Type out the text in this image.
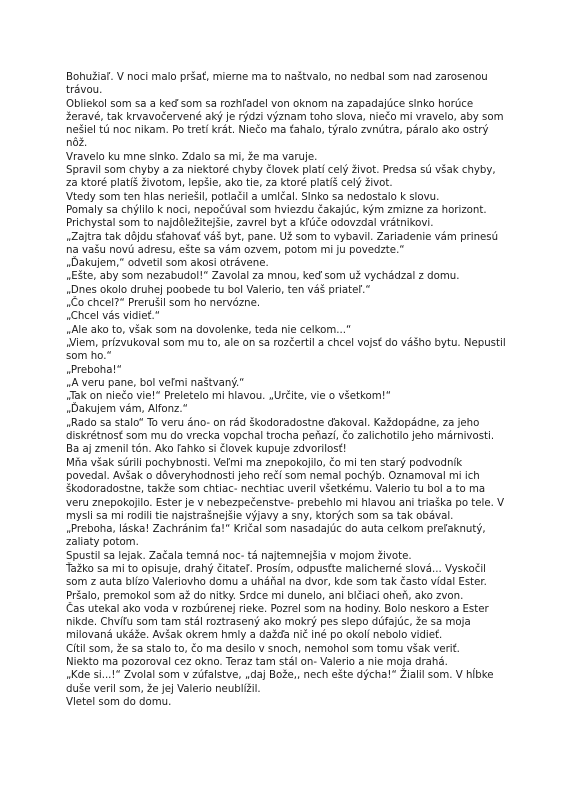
Bohužiaľ. V noci malo pršať, mierne ma to naštvalo, no nedbal som nad zarosenou trávou.

Obliekol som sa a keď som sa rozhľadel von oknom na zapadajúce slnko horúce žeravé, tak krvavočervené aký je rýdzi význam toho slova, niečo mi vravelo, aby som nešiel tú noc nikam. Po tretí krát. Niečo ma ťahalo, týralo zvnútra, páralo ako ostrý nôž.

Vravelo ku mne slnko. Zdalo sa mi, že ma varuje.

Spravil som chyby a za niektoré chyby človek platí celý život. Predsa sú však chyby, za ktoré platíš životom, lepšie, ako tie, za ktoré platíš celý život.

Vtedy som ten hlas neriešil, potlačil a umlčal. Slnko sa nedostalo k slovu.

Pomaly sa chýlilo k noci, nepočúval som hviezdu čakajúc, kým zmizne za horizont.

Prichystal som to najdôležitejšie, zavrel byt a kľúče odovzdal vrátnikovi.

„Zajtra tak dôjdu sťahovať váš byt, pane. Už som to vybavil. Zariadenie vám prinesú na vašu novú adresu, ešte sa vám ozvem, potom mi ju povedzte.“

„Ďakujem,“ odvetil som akosi otrávene.

„Ešte, aby som nezabudol!“ Zavolal za mnou, keď som už vychádzal z domu.

„Dnes okolo druhej poobede tu bol Valerio, ten váš priateľ.“

„Čo chcel?“ Prerušil som ho nervózne.

„Chcel vás vidieť.“

„Ale ako to, však som na dovolenke, teda nie celkom...“

„Viem, prízvukoval som mu to, ale on sa rozčertil a chcel vojsť do vášho bytu. Nepustil som ho.“

„Preboha!“

„A veru pane, bol veľmi naštvaný.“

„Tak on niečo vie!“ Preletelo mi hlavou. „Určite, vie o všetkom!“

„Ďakujem vám, Alfonz.“

„Rado sa stalo“ To veru áno- on rád škodoradostne ďakoval. Každopádne, za jeho diskrétnosť som mu do vrecka vopchal trocha peňazí, čo zalichotilo jeho márnivosti. Ba aj zmenil tón. Ako ľahko si človek kupuje zdvorilosť!

Mňa však súrili pochybnosti. Veľmi ma znepokojilo, čo mi ten starý podvodník povedal. Avšak o dôveryhodnosti jeho rečí som nemal pochýb. Oznamoval mi ich škodoradostne, takže som chtiac- nechtiac uveril všetkému. Valerio tu bol a to ma veru znepokojilo. Ester je v nebezpečenstve- prebehlo mi hlavou ani triaška po tele. V mysli sa mi rodili tie najstrašnejšie výjavy a sny, ktorých som sa tak obával.

„Preboha, láska! Zachránim ťa!“ Kričal som nasadajúc do auta celkom preľaknutý, zaliaty potom.

Spustil sa lejak. Začala temná noc- tá najtemnejšia v mojom živote.

Ťažko sa mi to opisuje, drahý čitateľ. Prosím, odpusťte malicherné slová... Vyskočil som z auta blízo Valeriovho domu a uháňal na dvor, kde som tak často vídal Ester.

Pršalo, premokol som až do nitky. Srdce mi dunelo, ani blčiaci oheň, ako zvon.

Čas utekal ako voda v rozbúrenej rieke. Pozrel som na hodiny. Bolo neskoro a Ester nikde. Chvíľu som tam stál roztrasený ako mokrý pes slepo dúfajúc, že sa moja milovaná ukáže. Avšak okrem hmly a dažďa nič iné po okolí nebolo vidieť.

Cítil som, že sa stalo to, čo ma desilo v snoch, nemohol som tomu však veriť.

Niekto ma pozoroval cez okno. Teraz tam stál on- Valerio a nie moja drahá.

„Kde si...!“ Zvolal som v zúfalstve, „daj Bože,, nech ešte dýcha!“ Žialil som. V hĺbke duše veril som, že jej Valerio neublížil.

Vletel som do domu.
